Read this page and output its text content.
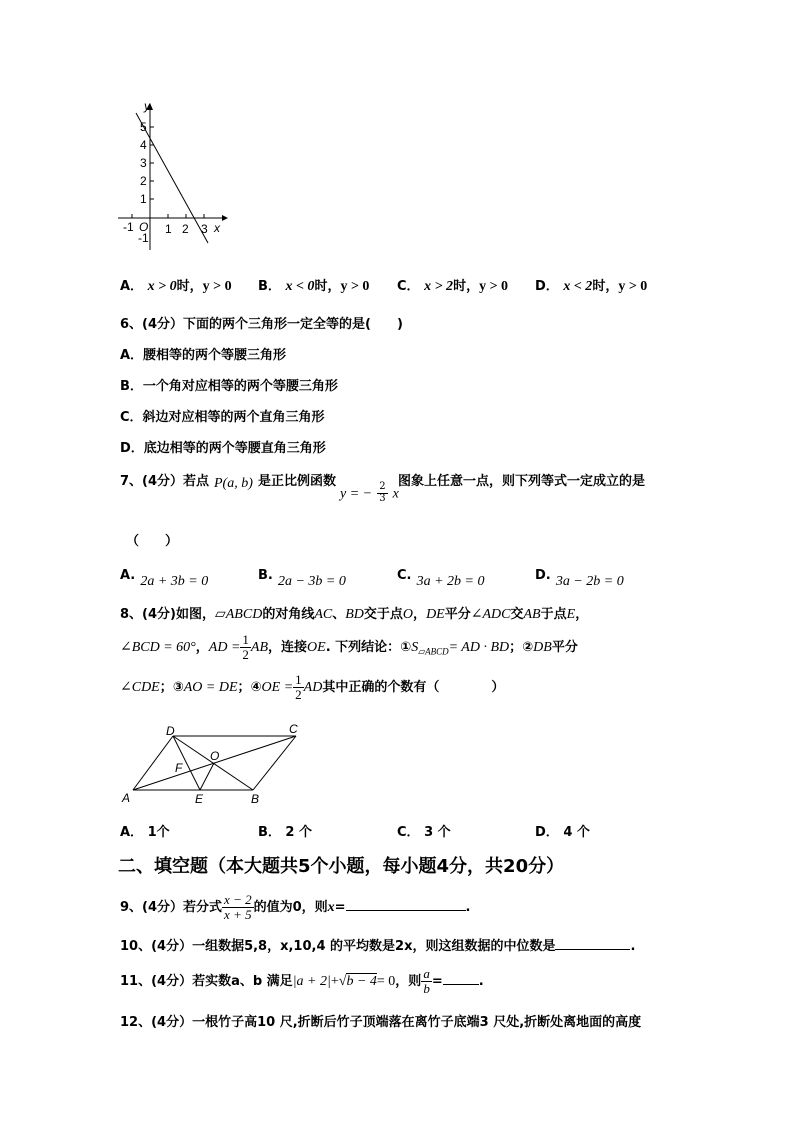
y
x
5
4
3
2
1
-1
-1 O 1 2 3
A． x > 0时，y > 0 B． x < 0时，y > 0 C． x > 2时，y > 0 D． x < 2时，y > 0
6、(4分）下面的两个三角形一定全等的是(　　)
A．腰相等的两个等腰三角形
B．一个角对应相等的两个等腰三角形
C．斜边对应相等的两个直角三角形
D．底边相等的两个等腰直角三角形
7、(4分）若点 P(a, b) 是正比例函数
y = − $\frac{2}{3}$ x
图象上任意一点，则下列等式一定成立的是
（　　）
A. 2a + 3b = 0	B. 2a − 3b = 0	C. 3a + 2b = 0	D. 3a − 2b = 0
8、(4分)如图，▱ABCD的对角线AC、BD交于点O，DE平分∠ADC交AB于点E，
∠BCD = 60°，AD = $\frac{1}{2}$ AB，连接OE. 下列结论：$①S_{▱ABCD}=$ AD · BD；②DB平分
∠CDE；③AO = DE；④OE = $\frac{1}{2}$ AD其中正确的个数有（　　　　）
D	C
O
F
A	E	B
A． 1个	B． 2 个	C． 3 个	D． 4 个
二、填空题（本大题共5个小题，每小题4分，共20分）
9、(4分）若分式 $\frac{x - 2}{x + 5}$ 的值为0，则x=	.
10、(4分）一组数据5,8，x,10,4 的平均数是2x，则这组数据的中位数是	.
11、(4分）若实数a、b 满足|a + 2|+√b − 4= 0，则 $\frac{a}{b}$ =	.
12、(4分）一根竹子高10 尺,折断后竹子顶端落在离竹子底端3 尺处,折断处离地面的高度
